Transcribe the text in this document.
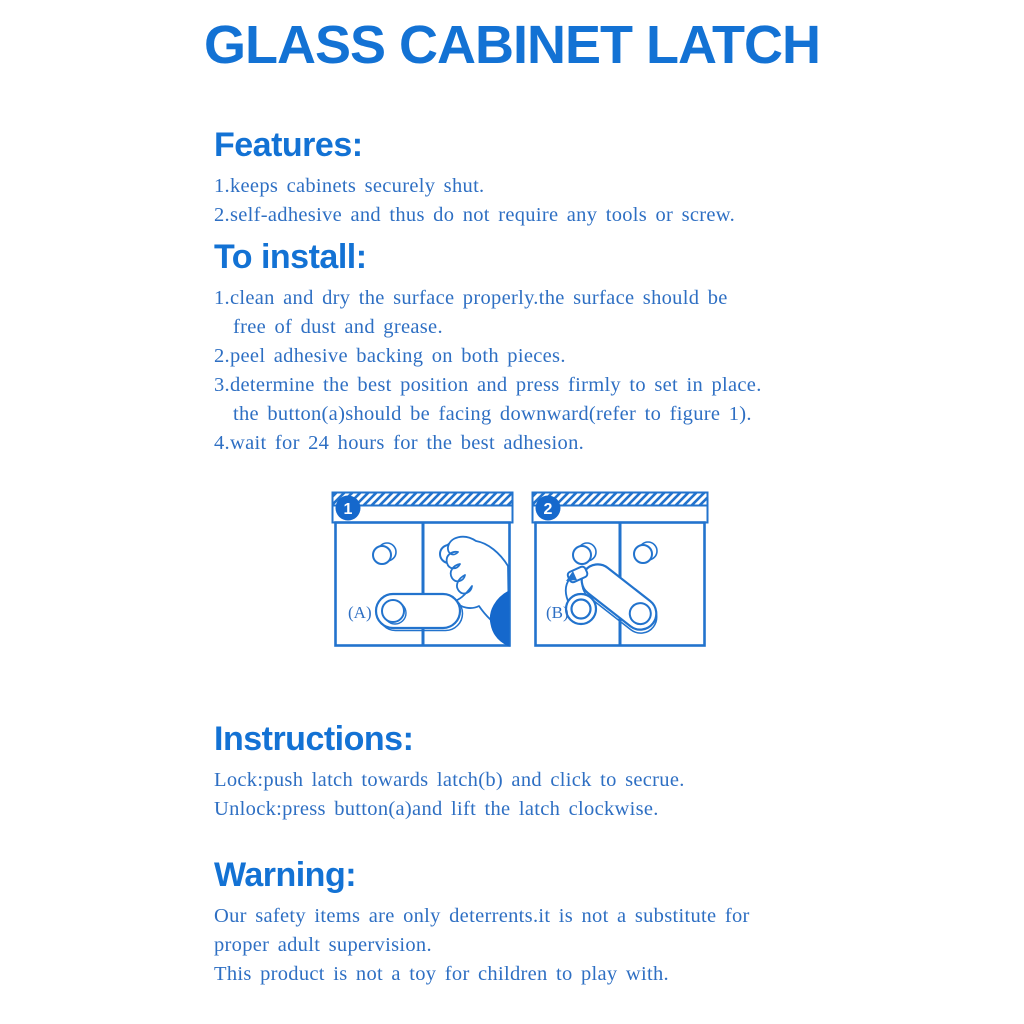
GLASS CABINET LATCH
Features:
1.keeps cabinets securely shut.
2.self-adhesive and thus do not require any tools or screw.
To install:
1.clean and dry the surface properly.the surface should be
free of dust and grease.
2.peel adhesive backing on both pieces.
3.determine the best position and press firmly to set in place.
the button(a)should be facing downward(refer to figure 1).
4.wait for 24 hours for the best adhesion.
(A)
1
(B)
2
Instructions:
Lock:push latch towards latch(b) and click to secrue.
Unlock:press button(a)and lift the latch clockwise.
Warning:
Our safety items are only deterrents.it is not a substitute for
proper adult supervision.
This product is not a toy for children to play with.
